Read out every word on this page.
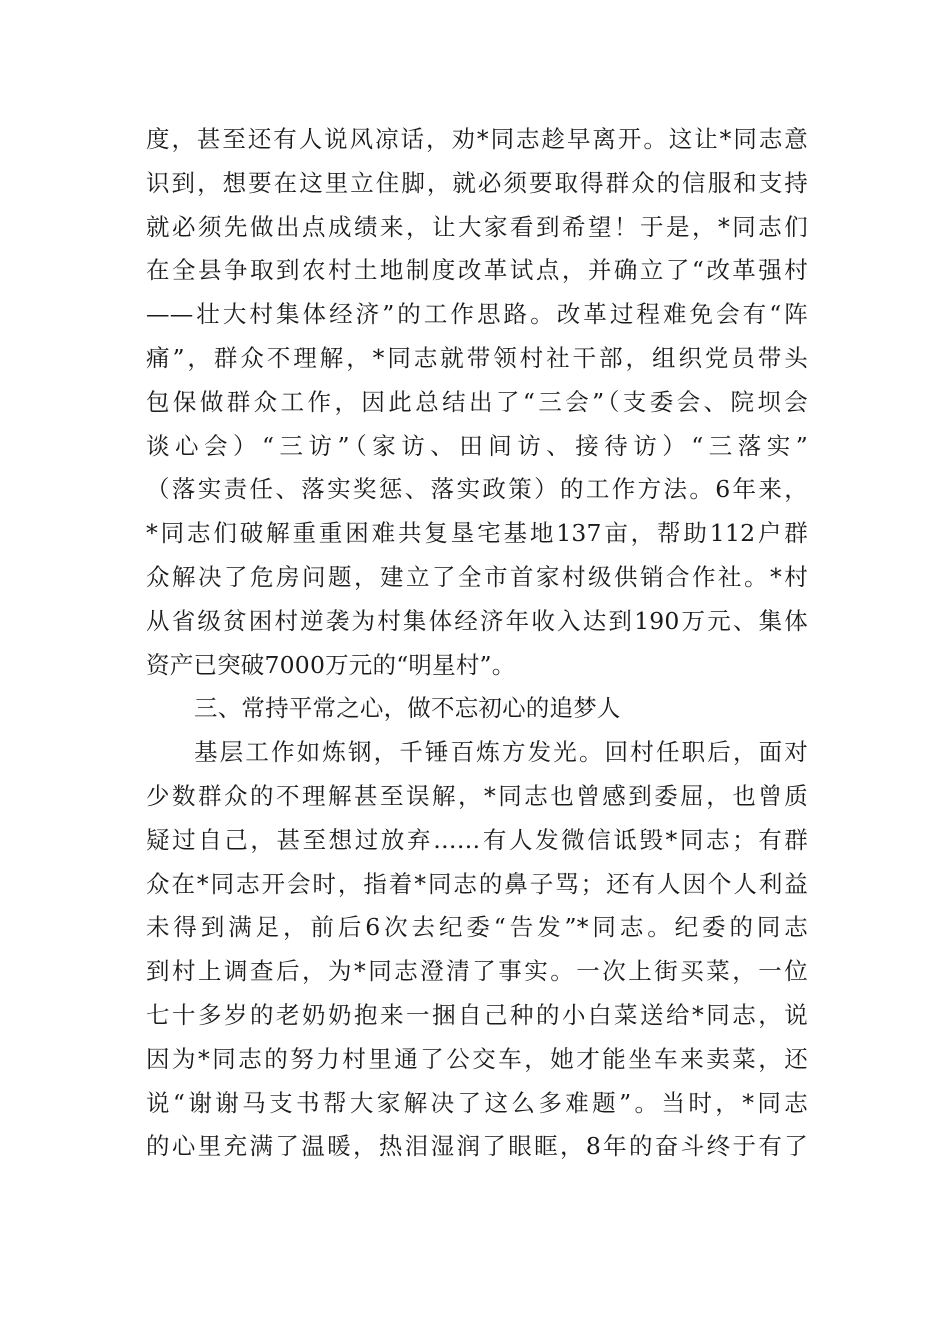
度，甚至还有人说风凉话，劝*同志趁早离开。这让*同志意
识到，想要在这里立住脚，就必须要取得群众的信服和支持
就必须先做出点成绩来，让大家看到希望！于是，*同志们
在全县争取到农村土地制度改革试点，并确立了“改革强村
——壮大村集体经济”的工作思路。改革过程难免会有“阵
痛”，群众不理解，*同志就带领村社干部，组织党员带头
包保做群众工作，因此总结出了“三会”（支委会、院坝会
谈心会）“三访”（家访、田间访、接待访）“三落实”
（落实责任、落实奖惩、落实政策）的工作方法。6年来，
*同志们破解重重困难共复垦宅基地137亩，帮助112户群
众解决了危房问题，建立了全市首家村级供销合作社。*村
从省级贫困村逆袭为村集体经济年收入达到190万元、集体
资产已突破7000万元的“明星村”。
三、常持平常之心，做不忘初心的追梦人
基层工作如炼钢，千锤百炼方发光。回村任职后，面对
少数群众的不理解甚至误解，*同志也曾感到委屈，也曾质
疑过自己，甚至想过放弃……有人发微信诋毁*同志；有群
众在*同志开会时，指着*同志的鼻子骂；还有人因个人利益
未得到满足，前后6次去纪委“告发”*同志。纪委的同志
到村上调查后，为*同志澄清了事实。一次上街买菜，一位
七十多岁的老奶奶抱来一捆自己种的小白菜送给*同志，说
因为*同志的努力村里通了公交车，她才能坐车来卖菜，还
说“谢谢马支书帮大家解决了这么多难题”。当时，*同志
的心里充满了温暖，热泪湿润了眼眶，8年的奋斗终于有了
